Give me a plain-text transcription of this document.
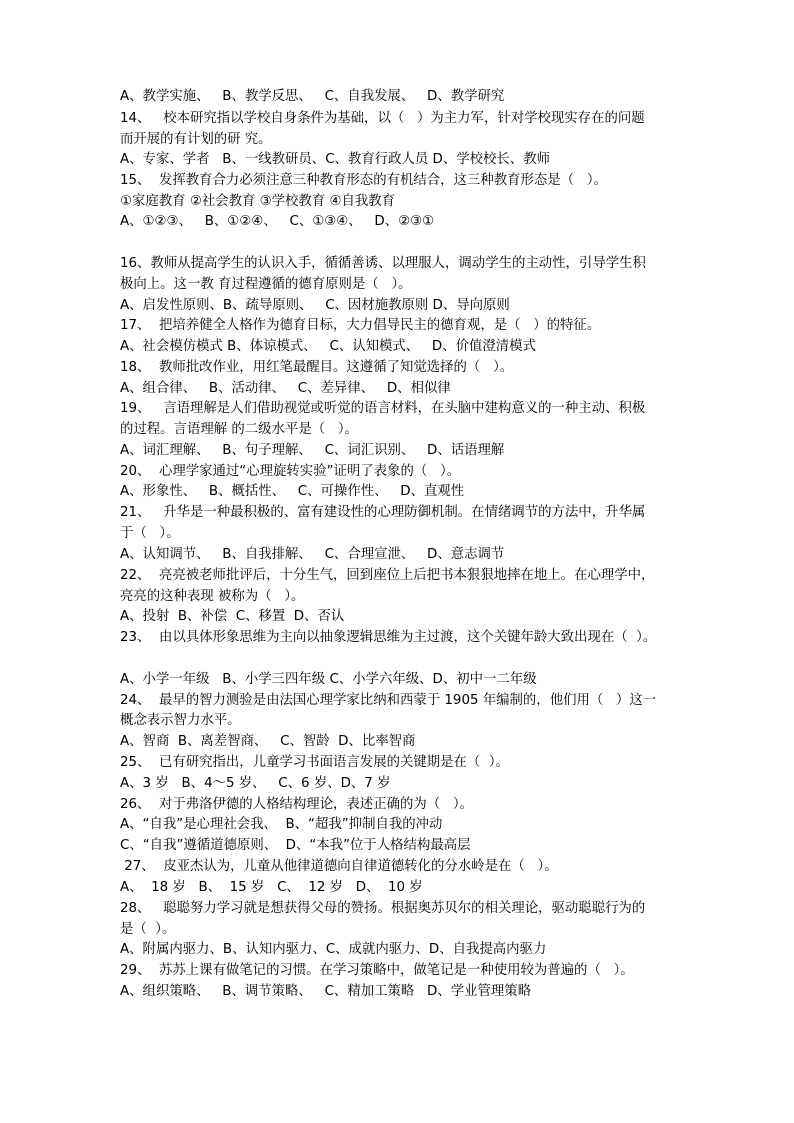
A、教学实施、   B、教学反思、   C、自我发展、   D、教学研究
14、   校本研究指以学校自身条件为基础，以（   ）为主力军，针对学校现实存在的问题
而开展的有计划的研 究。
A、专家、学者   B、一线教研员、C、教育行政人员 D、学校校长、教师
15、  发挥教育合力必须注意三种教育形态的有机结合，这三种教育形态是（   ）。
①家庭教育 ②社会教育 ③学校教育 ④自我教育
A、①②③、   B、①②④、   C、①③④、   D、②③①
16、教师从提高学生的认识入手，循循善诱、以理服人，调动学生的主动性，引导学生积
极向上。这一教 育过程遵循的德育原则是（   ）。
A、启发性原则、B、疏导原则、   C、因材施教原则 D、导向原则
17、  把培养健全人格作为德育目标，大力倡导民主的德育观，是（   ）的特征。
A、社会模仿模式 B、体谅模式、   C、认知模式、   D、价值澄清模式
18、  教师批改作业，用红笔最醒目。这遵循了知觉选择的（   ）。
A、组合律、   B、活动律、   C、差异律、   D、相似律
19、   言语理解是人们借助视觉或听觉的语言材料，在头脑中建构意义的一种主动、积极
的过程。言语理解 的二级水平是（   ）。
A、词汇理解、   B、句子理解、   C、词汇识别、   D、话语理解
20、  心理学家通过“心理旋转实验”证明了表象的（   ）。
A、形象性、   B、概括性、   C、可操作性、   D、直观性
21、   升华是一种最积极的、富有建设性的心理防御机制。在情绪调节的方法中，升华属
于（   ）。
A、认知调节、   B、自我排解、   C、合理宣泄、   D、意志调节
22、  亮亮被老师批评后，十分生气，回到座位上后把书本狠狠地摔在地上。在心理学中，
亮亮的这种表现 被称为（   ）。
A、投射  B、补偿  C、移置  D、否认
23、  由以具体形象思维为主向以抽象逻辑思维为主过渡，这个关键年龄大致出现在（  ）。
A、小学一年级   B、小学三四年级 C、小学六年级、D、初中一二年级
24、  最早的智力测验是由法国心理学家比纳和西蒙于 1905 年编制的，他们用（   ）这一
概念表示智力水平。
A、智商  B、离差智商、   C、智龄  D、比率智商
25、  已有研究指出，儿童学习书面语言发展的关键期是在（  ）。
A、3 岁   B、4～5 岁、   C、6 岁、D、7 岁
26、  对于弗洛伊德的人格结构理论，表述正确的为（   ）。
A、“自我”是心理社会我、  B、“超我”抑制自我的冲动
C、“自我”遵循道德原则、  D、“本我”位于人格结构最高层
27、  皮亚杰认为，儿童从他律道德向自律道德转化的分水岭是在（   ）。
A、  18 岁   B、  15 岁   C、  12 岁   D、  10 岁
28、   聪聪努力学习就是想获得父母的赞扬。根据奥苏贝尔的相关理论，驱动聪聪行为的
是（  ）。
A、附属内驱力、B、认知内驱力、C、成就内驱力、D、自我提高内驱力
29、  苏苏上课有做笔记的习惯。在学习策略中，做笔记是一种使用较为普遍的（   ）。
A、组织策略、   B、调节策略、   C、精加工策略   D、学业管理策略
